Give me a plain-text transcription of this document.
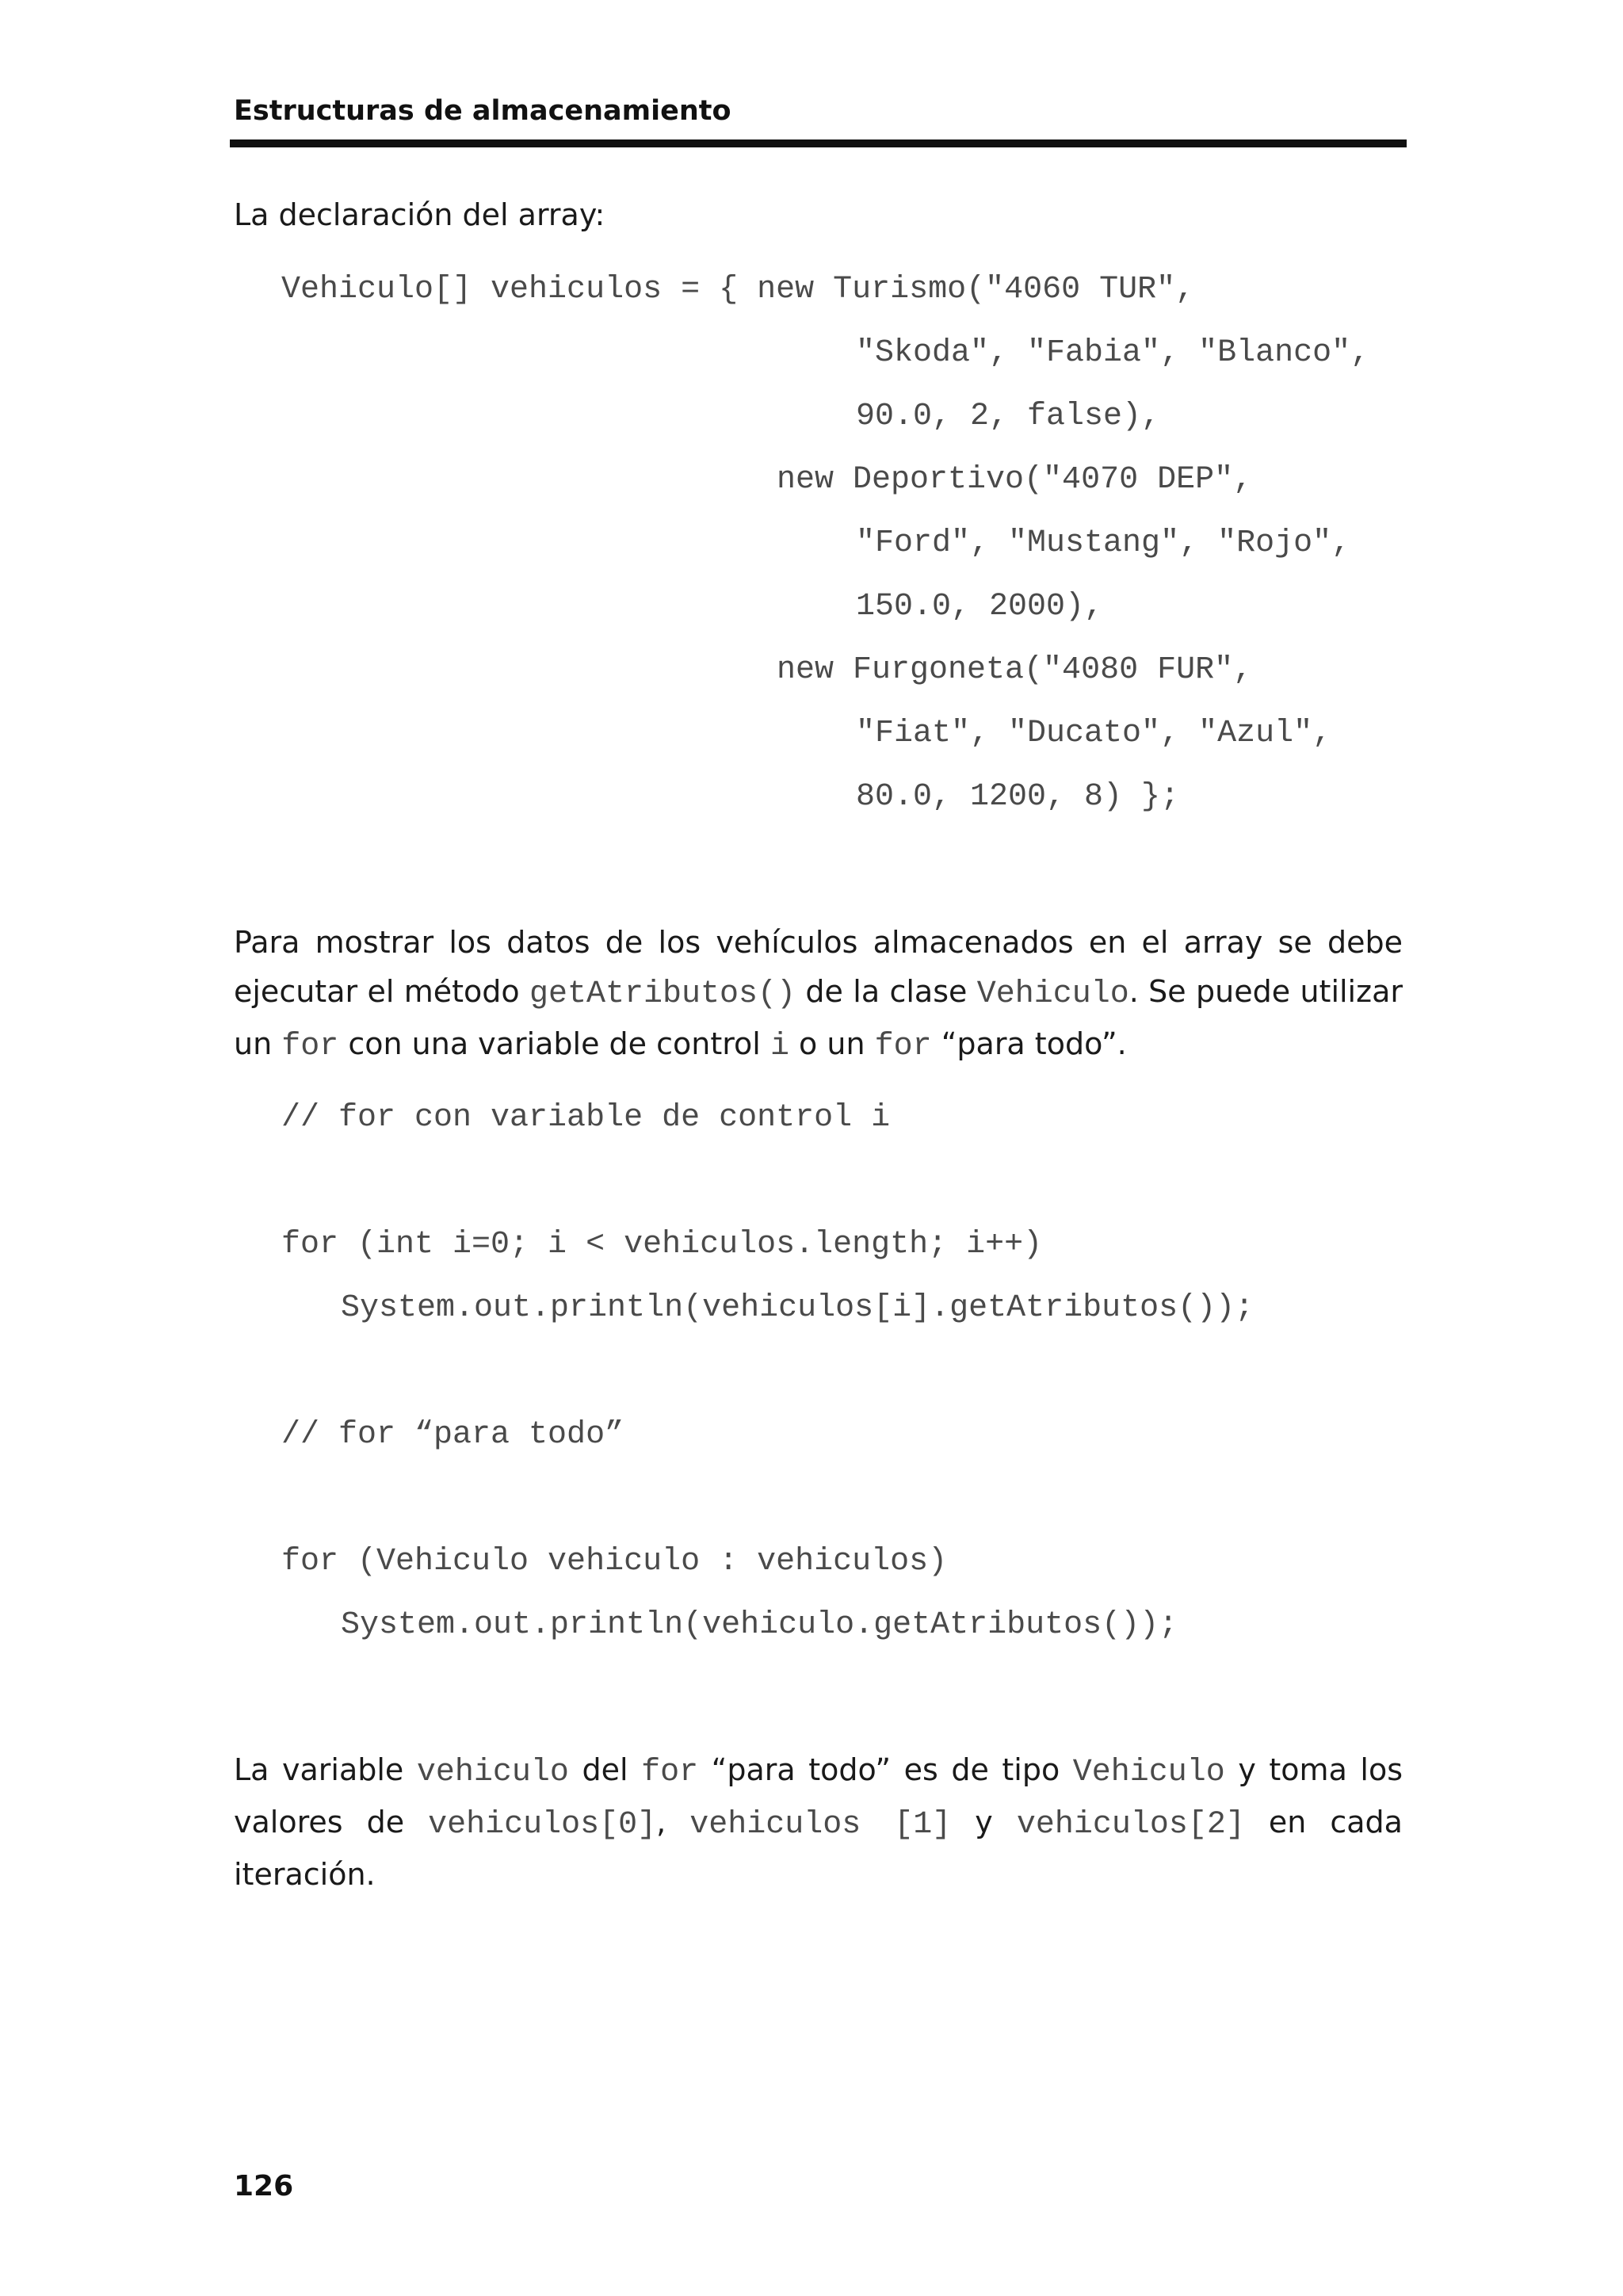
Estructuras de almacenamiento

La declaración del array:

Vehiculo[] vehiculos = { new Turismo("4060 TUR",
"Skoda", "Fabia", "Blanco",
90.0, 2, false),
new Deportivo("4070 DEP",
"Ford", "Mustang", "Rojo",
150.0, 2000),
new Furgoneta("4080 FUR",
"Fiat", "Ducato", "Azul",
80.0, 1200, 8) };

Para mostrar los datos de los vehículos almacenados en el array se debe ejecutar el método getAtributos() de la clase Vehiculo. Se puede utilizar un for con una variable de control i o un for “para todo”.

// for con variable de control i
for (int i=0; i < vehiculos.length; i++)
System.out.println(vehiculos[i].getAtributos());
// for “para todo”
for (Vehiculo vehiculo : vehiculos)
System.out.println(vehiculo.getAtributos());

La variable vehiculo del for “para todo” es de tipo Vehiculo y toma los valores de vehiculos[0], vehiculos [1] y vehiculos[2] en cada iteración.

126
